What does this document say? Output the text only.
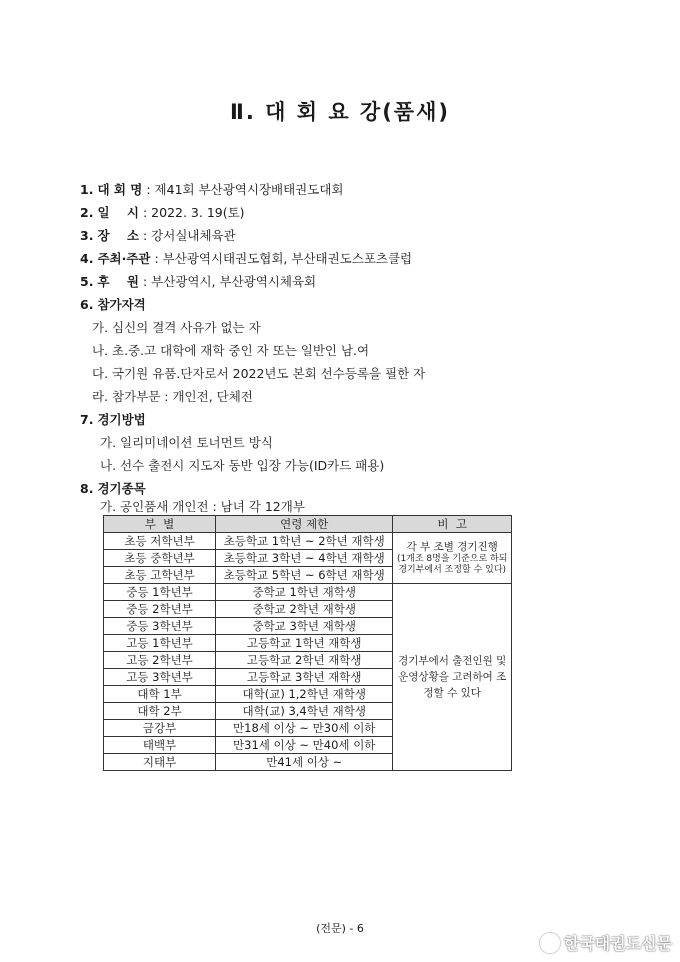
Ⅱ. 대 회 요 강(품새)
1. 대 회 명 : 제41회 부산광역시장배태권도대회
2. 일    시 : 2022. 3. 19(토)
3. 장    소 : 강서실내체육관
4. 주최·주관 : 부산광역시태권도협회, 부산태권도스포츠클럽
5. 후    원 : 부산광역시, 부산광역시체육회
6. 참가자격
가. 심신의 결격 사유가 없는 자
나. 초.중.고 대학에 재학 중인 자 또는 일반인 남.여
다. 국기원 유품.단자로서 2022년도 본회 선수등록을 필한 자
라. 참가부문 : 개인전, 단체전
7. 경기방법
가. 일리미네이션 토너먼트 방식
나. 선수 출전시 지도자 동반 입장 가능(ID카드 패용)
8. 경기종목
가. 공인품새 개인전 : 남녀 각 12개부
부  별	연령 제한	비  고
초등 저학년부	초등학교 1학년 ~ 2학년 재학생	각 부 조별 경기진행
(1개조 8명을 기준으로 하되 경기부에서 조정할 수 있다)

초등 중학년부	초등학교 3학년 ~ 4학년 재학생	
초등 고학년부	초등학교 5학년 ~ 6학년 재학생	
중등 1학년부	중학교 1학년 재학생	경기부에서 출전인원 및 운영상황을 고려하여 조정할 수 있다
중등 2학년부	중학교 2학년 재학생	
중등 3학년부	중학교 3학년 재학생	
고등 1학년부	고등학교 1학년 재학생	
고등 2학년부	고등학교 2학년 재학생	
고등 3학년부	고등학교 3학년 재학생	
대학 1부	대학(교) 1,2학년 재학생	
대학 2부	대학(교) 3,4학년 재학생	
금강부	만18세 이상 ~ 만30세 이하	
태백부	만31세 이상 ~ 만40세 이하	
지태부	만41세 이상 ~	
(전문) - 6
한국태권도신문
